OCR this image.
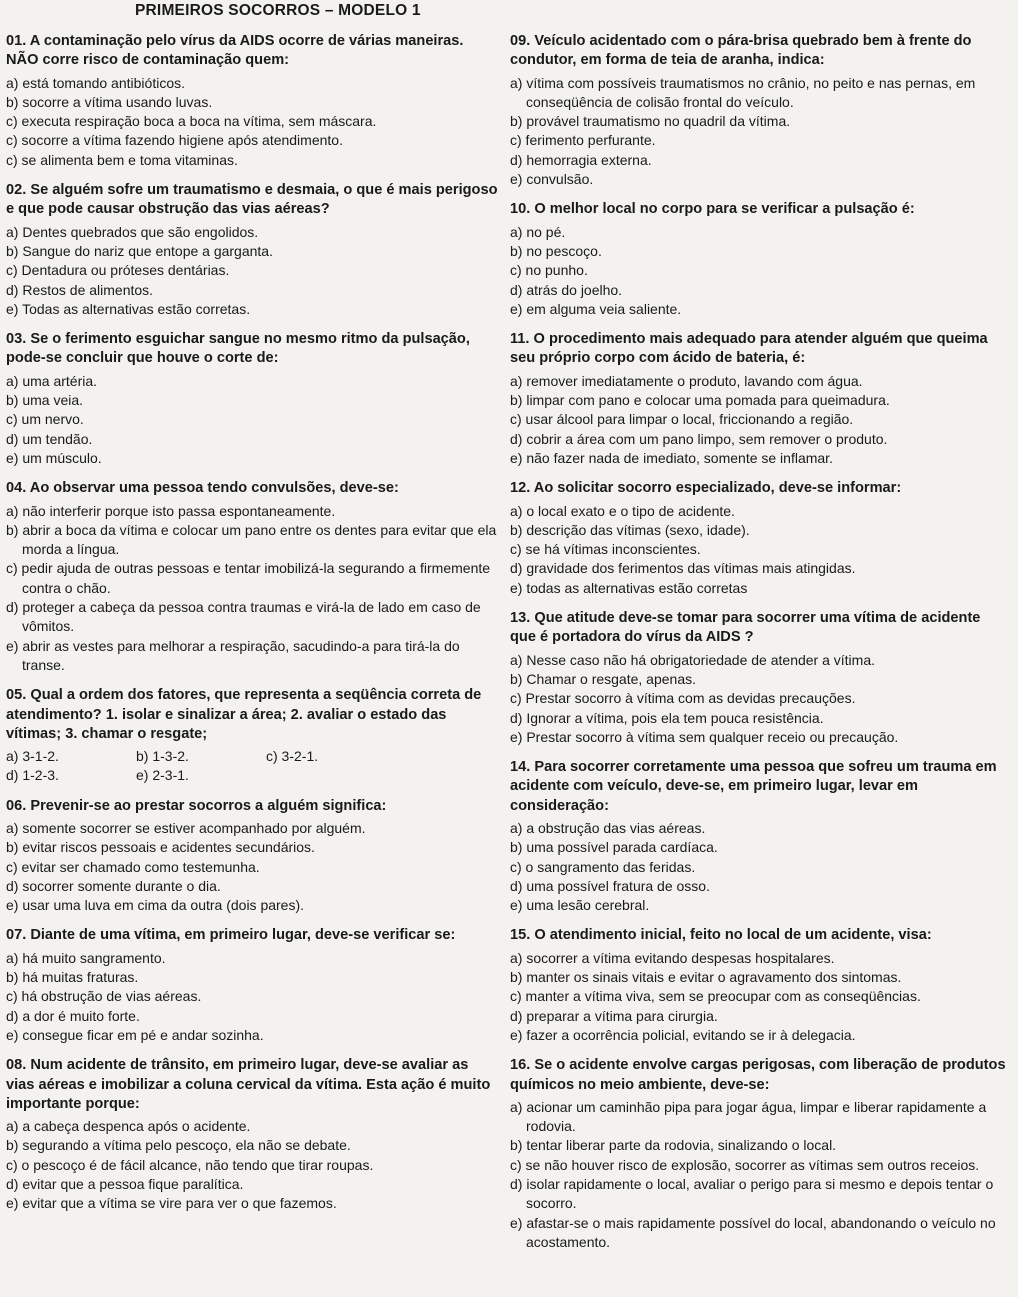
PRIMEIROS SOCORROS – MODELO 1
01. A contaminação pelo vírus da AIDS ocorre de várias maneiras. NÃO corre risco de contaminação quem:
a) está tomando antibióticos.
b) socorre a vítima usando luvas.
c) executa respiração boca a boca na vítima, sem máscara.
c) socorre a vítima fazendo higiene após atendimento.
c) se alimenta bem e toma vitaminas.
02. Se alguém sofre um traumatismo e desmaia, o que é mais perigoso e que pode causar obstrução das vias aéreas?
a) Dentes quebrados que são engolidos.
b) Sangue do nariz que entope a garganta.
c) Dentadura ou próteses dentárias.
d) Restos de alimentos.
e) Todas as alternativas estão corretas.
03. Se o ferimento esguichar sangue no mesmo ritmo da pulsação, pode-se concluir que houve o corte de:
a) uma artéria.
b) uma veia.
c) um nervo.
d) um tendão.
e) um músculo.
04. Ao observar uma pessoa tendo convulsões, deve-se:
a) não interferir porque isto passa espontaneamente.
b) abrir a boca da vítima e colocar um pano entre os dentes para evitar que ela morda a língua.
c) pedir ajuda de outras pessoas e tentar imobilizá-la segurando a firmemente contra o chão.
d) proteger a cabeça da pessoa contra traumas e virá-la de lado em caso de vômitos.
e) abrir as vestes para melhorar a respiração, sacudindo-a para tirá-la do transe.
05. Qual a ordem dos fatores, que representa a seqüência correta de atendimento? 1. isolar e sinalizar a área; 2. avaliar o estado das vítimas; 3. chamar o resgate;
a) 3-1-2.	b) 1-3-2.	c) 3-2-1.
d) 1-2-3.	e) 2-3-1.
06. Prevenir-se ao prestar socorros a alguém significa:
a) somente socorrer se estiver acompanhado por alguém.
b) evitar riscos pessoais e acidentes secundários.
c) evitar ser chamado como testemunha.
d) socorrer somente durante o dia.
e) usar uma luva em cima da outra (dois pares).
07. Diante de uma vítima, em primeiro lugar, deve-se verificar se:
a) há muito sangramento.
b) há muitas fraturas.
c) há obstrução de vias aéreas.
d) a dor é muito forte.
e) consegue ficar em pé e andar sozinha.
08. Num acidente de trânsito, em primeiro lugar, deve-se avaliar as vias aéreas e imobilizar a coluna cervical da vítima. Esta ação é muito importante porque:
a) a cabeça despenca após o acidente.
b) segurando a vítima pelo pescoço, ela não se debate.
c) o pescoço é de fácil alcance, não tendo que tirar roupas.
d) evitar que a pessoa fique paralítica.
e) evitar que a vítima se vire para ver o que fazemos.
09. Veículo acidentado com o pára-brisa quebrado bem à frente do condutor, em forma de teia de aranha, indica:
a) vítima com possíveis traumatismos no crânio, no peito e nas pernas, em conseqüência de colisão frontal do veículo.
b) provável traumatismo no quadril da vítima.
c) ferimento perfurante.
d) hemorragia externa.
e) convulsão.
10. O melhor local no corpo para se verificar a pulsação é:
a) no pé.
b) no pescoço.
c) no punho.
d) atrás do joelho.
e) em alguma veia saliente.
11. O procedimento mais adequado para atender alguém que queima seu próprio corpo com ácido de bateria, é:
a) remover imediatamente o produto, lavando com água.
b) limpar com pano e colocar uma pomada para queimadura.
c) usar álcool para limpar o local, friccionando a região.
d) cobrir a área com um pano limpo, sem remover o produto.
e) não fazer nada de imediato, somente se inflamar.
12. Ao solicitar socorro especializado, deve-se informar:
a) o local exato e o tipo de acidente.
b) descrição das vítimas (sexo, idade).
c) se há vítimas inconscientes.
d) gravidade dos ferimentos das vítimas mais atingidas.
e) todas as alternativas estão corretas
13. Que atitude deve-se tomar para socorrer uma vítima de acidente que é portadora do vírus da AIDS ?
a) Nesse caso não há obrigatoriedade de atender a vítima.
b) Chamar o resgate, apenas.
c) Prestar socorro à vítima com as devidas precauções.
d) Ignorar a vítima, pois ela tem pouca resistência.
e) Prestar socorro à vítima sem qualquer receio ou precaução.
14. Para socorrer corretamente uma pessoa que sofreu um trauma em acidente com veículo, deve-se, em primeiro lugar, levar em consideração:
a) a obstrução das vias aéreas.
b) uma possível parada cardíaca.
c) o sangramento das feridas.
d) uma possível fratura de osso.
e) uma lesão cerebral.
15. O atendimento inicial, feito no local de um acidente, visa:
a) socorrer a vítima evitando despesas hospitalares.
b) manter os sinais vitais e evitar o agravamento dos sintomas.
c) manter a vítima viva, sem se preocupar com as conseqüências.
d) preparar a vítima para cirurgia.
e) fazer a ocorrência policial, evitando se ir à delegacia.
16. Se o acidente envolve cargas perigosas, com liberação de produtos químicos no meio ambiente, deve-se:
a) acionar um caminhão pipa para jogar água, limpar e liberar rapidamente a rodovia.
b) tentar liberar parte da rodovia, sinalizando o local.
c) se não houver risco de explosão, socorrer as vítimas sem outros receios.
d) isolar rapidamente o local, avaliar o perigo para si mesmo e depois tentar o socorro.
e) afastar-se o mais rapidamente possível do local, abandonando o veículo no acostamento.
